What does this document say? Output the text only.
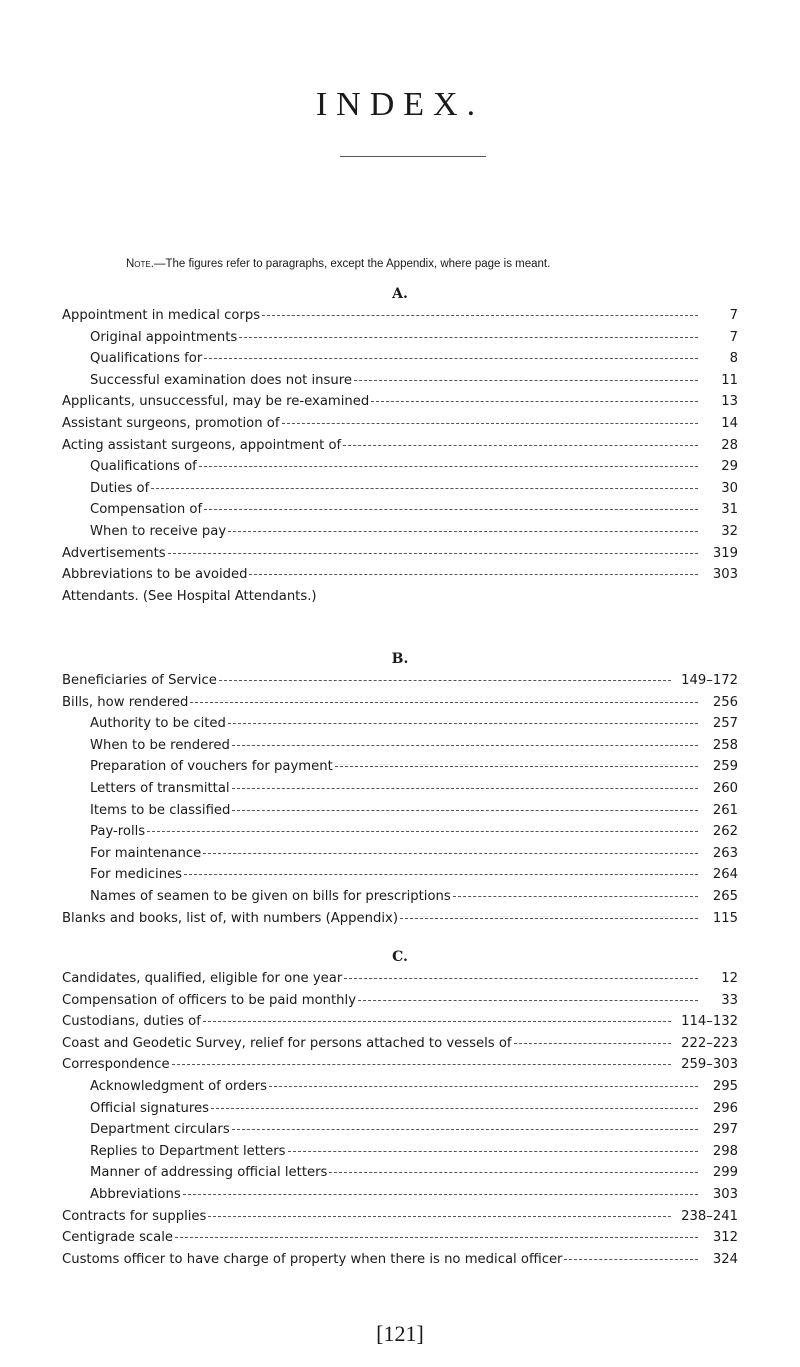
INDEX.
Note.—The figures refer to paragraphs, except the Appendix, where page is meant.
A.
Appointment in medical corps	7
Original appointments	7
Qualifications for	8
Successful examination does not insure	11
Applicants, unsuccessful, may be re-examined	13
Assistant surgeons, promotion of	14
Acting assistant surgeons, appointment of	28
Qualifications of	29
Duties of	30
Compensation of	31
When to receive pay	32
Advertisements	319
Abbreviations to be avoided	303
Attendants. (See Hospital Attendants.)
B.
Beneficiaries of Service	149–172
Bills, how rendered	256
Authority to be cited	257
When to be rendered	258
Preparation of vouchers for payment	259
Letters of transmittal	260
Items to be classified	261
Pay-rolls	262
For maintenance	263
For medicines	264
Names of seamen to be given on bills for prescriptions	265
Blanks and books, list of, with numbers (Appendix)	115
C.
Candidates, qualified, eligible for one year	12
Compensation of officers to be paid monthly	33
Custodians, duties of	114–132
Coast and Geodetic Survey, relief for persons attached to vessels of	222–223
Correspondence	259–303
Acknowledgment of orders	295
Official signatures	296
Department circulars	297
Replies to Department letters	298
Manner of addressing official letters	299
Abbreviations	303
Contracts for supplies	238–241
Centigrade scale	312
Customs officer to have charge of property when there is no medical officer	324
[121]
